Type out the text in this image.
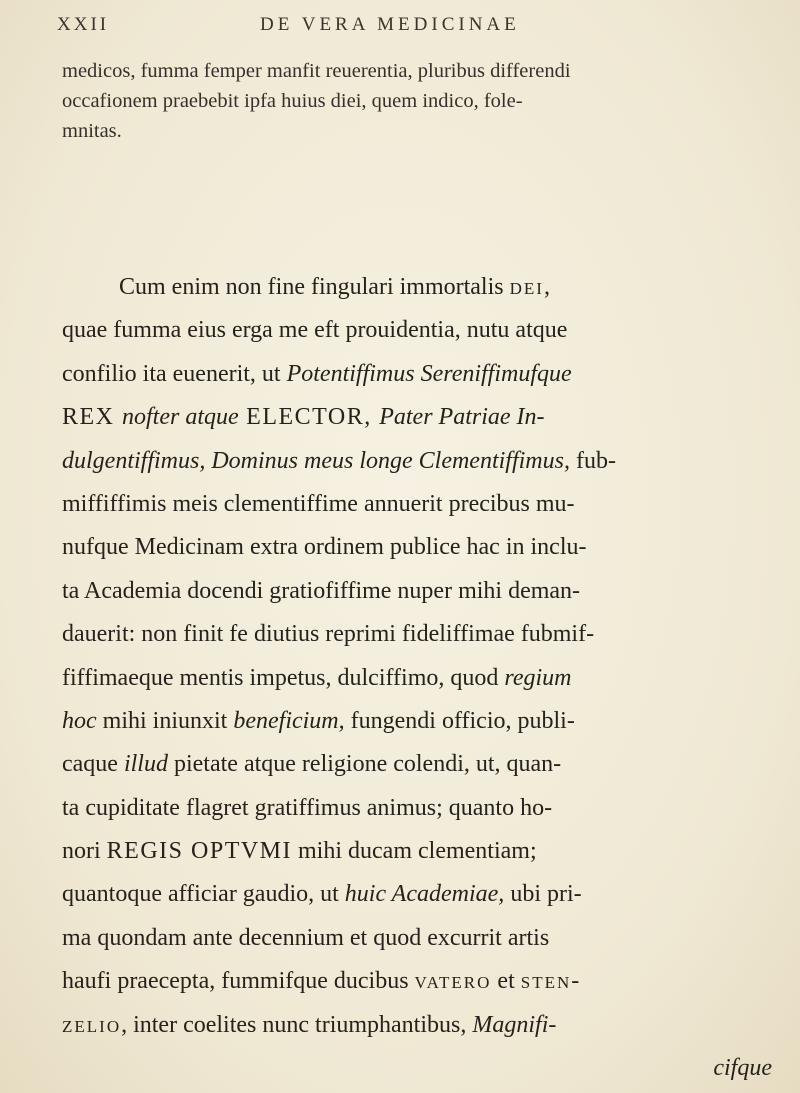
XXII	DE VERA MEDICINAE
medicos, fumma femper manfit reuerentia, pluribus differendi
occafionem praebebit ipfa huius diei, quem indico, fole-
mnitas.
Cum enim non fine fingulari immortalis dei,
quae fumma eius erga me eft prouidentia, nutu atque
confilio ita euenerit, ut Potentiffimus Sereniffimufque
REX nofter atque ELECTOR, Pater Patriae In-
dulgentiffimus, Dominus meus longe Clementiffimus, fub-
miffiffimis meis clementiffime annuerit precibus mu-
nufque Medicinam extra ordinem publice hac in inclu-
ta Academia docendi gratiofiffime nuper mihi deman-
dauerit: non finit fe diutius reprimi fideliffimae fubmif-
fiffimaeque mentis impetus, dulciffimo, quod regium
hoc mihi iniunxit beneficium, fungendi officio, publi-
caque illud pietate atque religione colendi, ut, quan-
ta cupiditate flagret gratiffimus animus; quanto ho-
nori REGIS OPTVMI mihi ducam clementiam;
quantoque afficiar gaudio, ut huic Academiae, ubi pri-
ma quondam ante decennium et quod excurrit artis
haufi praecepta, fummifque ducibus vatero et sten-
zelio, inter coelites nunc triumphantibus, Magnifi-
cifque
